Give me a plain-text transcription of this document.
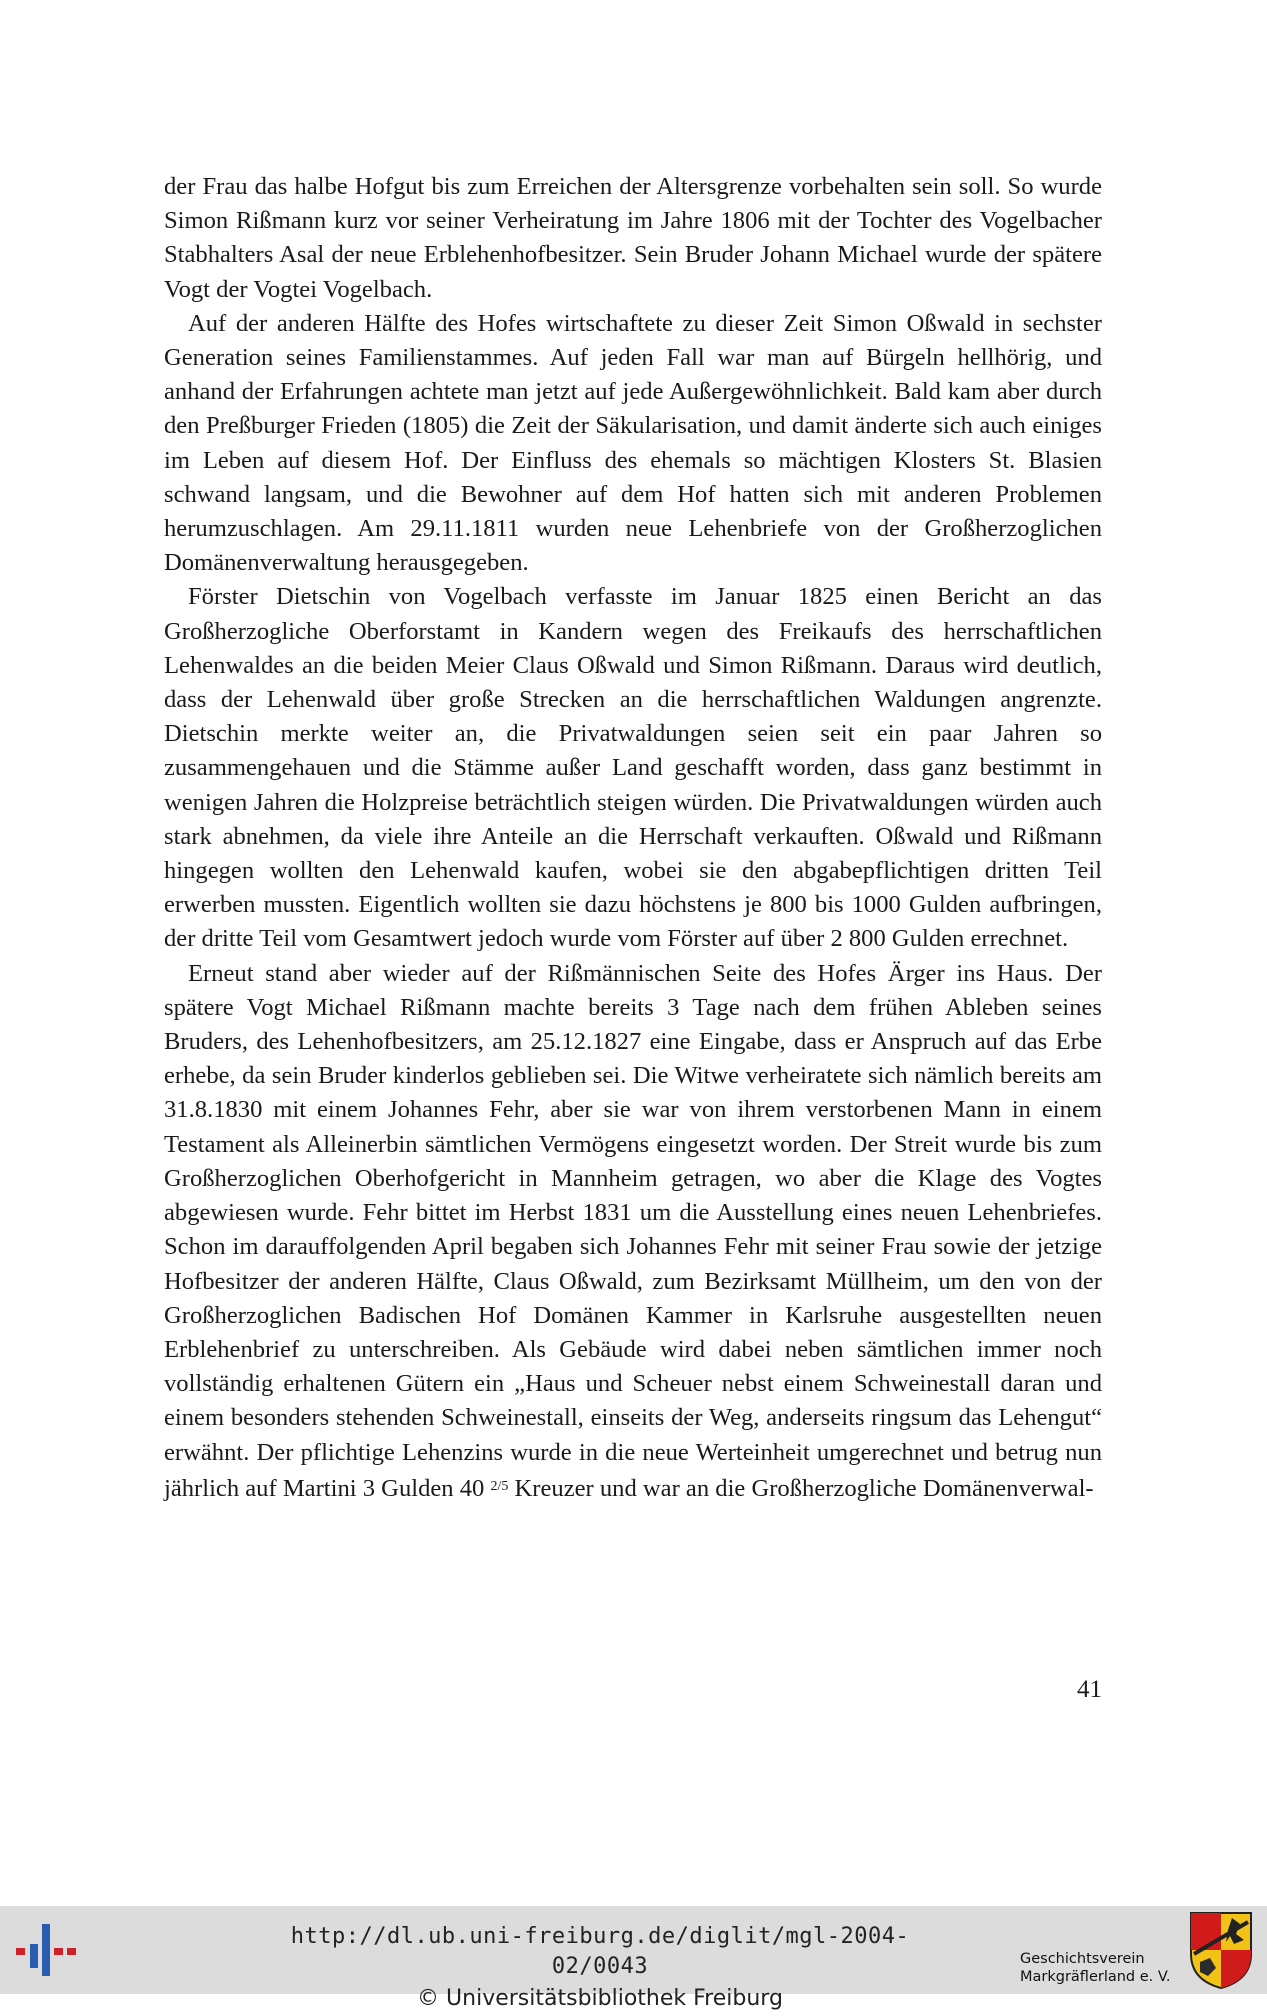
der Frau das halbe Hofgut bis zum Erreichen der Altersgrenze vorbehalten sein soll. So wurde Simon Rißmann kurz vor seiner Verheiratung im Jahre 1806 mit der Tochter des Vogelbacher Stabhalters Asal der neue Erblehenhofbesitzer. Sein Bruder Johann Michael wurde der spätere Vogt der Vogtei Vogelbach.

Auf der anderen Hälfte des Hofes wirtschaftete zu dieser Zeit Simon Oßwald in sechster Generation seines Familienstammes. Auf jeden Fall war man auf Bürgeln hellhörig, und anhand der Erfahrungen achtete man jetzt auf jede Außergewöhnlichkeit. Bald kam aber durch den Preßburger Frieden (1805) die Zeit der Säkularisation, und damit änderte sich auch einiges im Leben auf diesem Hof. Der Einfluss des ehemals so mächtigen Klosters St. Blasien schwand langsam, und die Bewohner auf dem Hof hatten sich mit anderen Problemen herumzuschlagen. Am 29.11.1811 wurden neue Lehenbriefe von der Großherzoglichen Domänenverwaltung herausgegeben.

Förster Dietschin von Vogelbach verfasste im Januar 1825 einen Bericht an das Großherzogliche Oberforstamt in Kandern wegen des Freikaufs des herrschaftlichen Lehenwaldes an die beiden Meier Claus Oßwald und Simon Rißmann. Daraus wird deutlich, dass der Lehenwald über große Strecken an die herrschaftlichen Waldungen angrenzte. Dietschin merkte weiter an, die Privatwaldungen seien seit ein paar Jahren so zusammengehauen und die Stämme außer Land geschafft worden, dass ganz bestimmt in wenigen Jahren die Holzpreise beträchtlich steigen würden. Die Privatwaldungen würden auch stark abnehmen, da viele ihre Anteile an die Herrschaft verkauften. Oßwald und Rißmann hingegen wollten den Lehenwald kaufen, wobei sie den abgabepflichtigen dritten Teil erwerben mussten. Eigentlich wollten sie dazu höchstens je 800 bis 1000 Gulden aufbringen, der dritte Teil vom Gesamtwert jedoch wurde vom Förster auf über 2 800 Gulden errechnet.

Erneut stand aber wieder auf der Rißmännischen Seite des Hofes Ärger ins Haus. Der spätere Vogt Michael Rißmann machte bereits 3 Tage nach dem frühen Ableben seines Bruders, des Lehenhofbesitzers, am 25.12.1827 eine Eingabe, dass er Anspruch auf das Erbe erhebe, da sein Bruder kinderlos geblieben sei. Die Witwe verheiratete sich nämlich bereits am 31.8.1830 mit einem Johannes Fehr, aber sie war von ihrem verstorbenen Mann in einem Testament als Alleinerbin sämtlichen Vermögens eingesetzt worden. Der Streit wurde bis zum Großherzoglichen Oberhofgericht in Mannheim getragen, wo aber die Klage des Vogtes abgewiesen wurde. Fehr bittet im Herbst 1831 um die Ausstellung eines neuen Lehenbriefes. Schon im darauffolgenden April begaben sich Johannes Fehr mit seiner Frau sowie der jetzige Hofbesitzer der anderen Hälfte, Claus Oßwald, zum Bezirksamt Müllheim, um den von der Großherzoglichen Badischen Hof Domänen Kammer in Karlsruhe ausgestellten neuen Erblehenbrief zu unterschreiben. Als Gebäude wird dabei neben sämtlichen immer noch vollständig erhaltenen Gütern ein „Haus und Scheuer nebst einem Schweinestall daran und einem besonders stehenden Schweinestall, einseits der Weg, anderseits ringsum das Lehengut“ erwähnt. Der pflichtige Lehenzins wurde in die neue Werteinheit umgerechnet und betrug nun jährlich auf Martini 3 Gulden 40 $^{2/5}$ Kreuzer und war an die Großherzogliche Domänenverwal-

41
http://dl.ub.uni-freiburg.de/diglit/mgl-2004-02/0043
© Universitätsbibliothek Freiburg
Geschichtsverein
Markgräflerland e. V.
